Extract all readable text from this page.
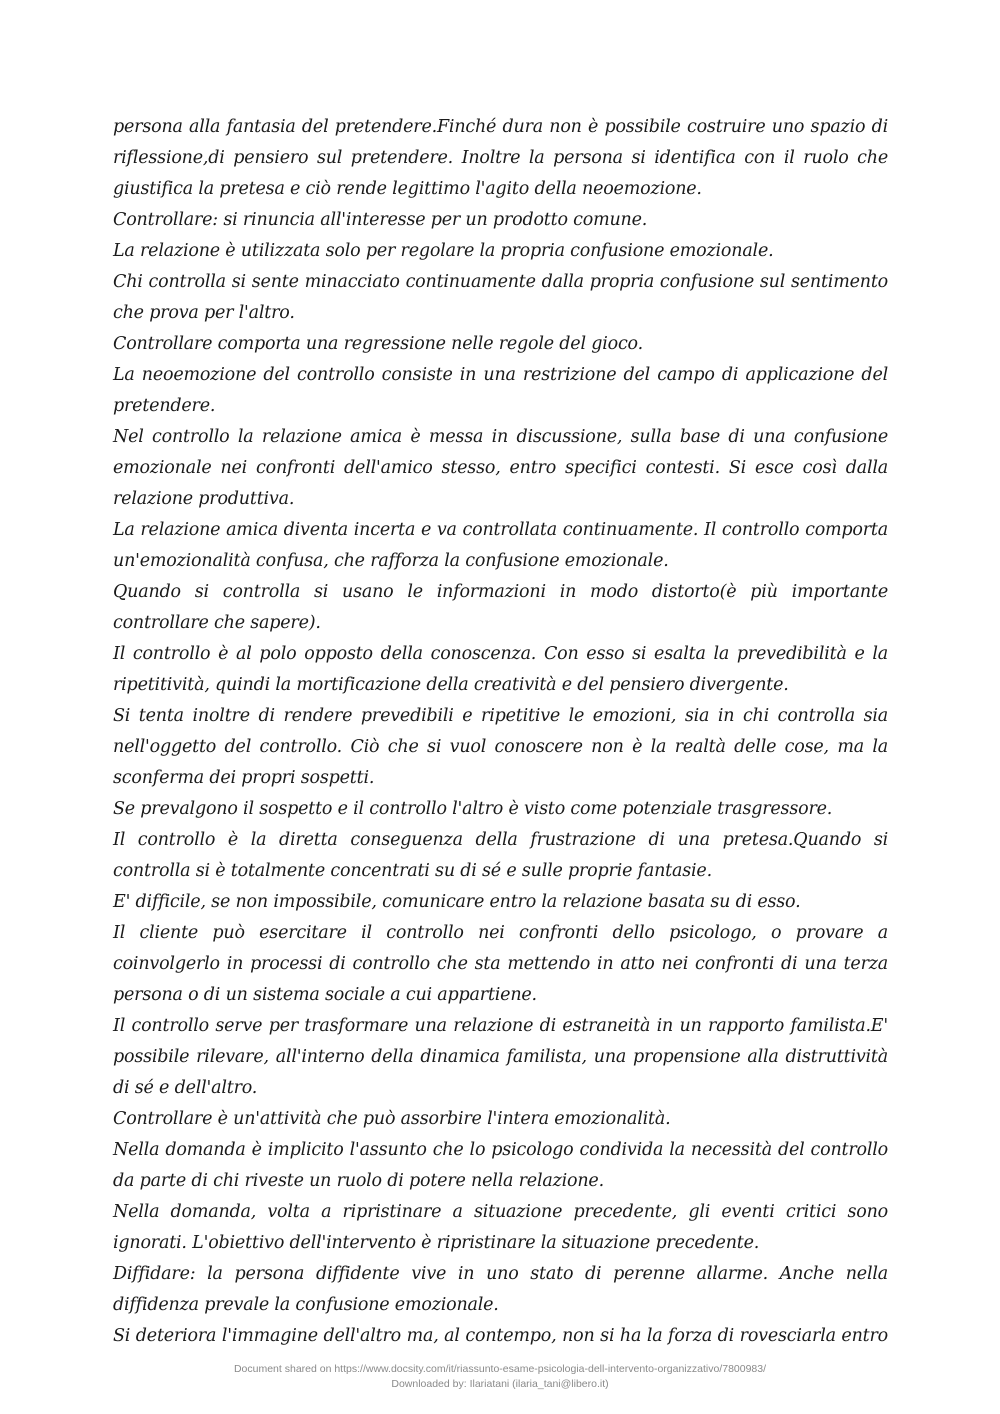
persona alla fantasia del pretendere.Finché dura non è possibile costruire uno spazio di riflessione,di pensiero sul pretendere. Inoltre la persona si identifica con il ruolo che giustifica la pretesa e ciò rende legittimo l'agito della neoemozione.

Controllare: si rinuncia all'interesse per un prodotto comune.

La relazione è utilizzata solo per regolare la propria confusione emozionale.

Chi controlla si sente minacciato continuamente dalla propria confusione sul sentimento che prova per l'altro.

Controllare comporta una regressione nelle regole del gioco.

La neoemozione del controllo consiste in una restrizione del campo di applicazione del pretendere.

Nel controllo la relazione amica è messa in discussione, sulla base di una confusione emozionale nei confronti dell'amico stesso, entro specifici contesti. Si esce così dalla relazione produttiva.

La relazione amica diventa incerta e va controllata continuamente. Il controllo comporta un'emozionalità confusa, che rafforza la confusione emozionale.

Quando si controlla si usano le informazioni in modo distorto(è più importante controllare che sapere).

Il controllo è al polo opposto della conoscenza. Con esso si esalta la prevedibilità e la ripetitività, quindi la mortificazione della creatività e del pensiero divergente.

Si tenta inoltre di rendere prevedibili e ripetitive le emozioni, sia in chi controlla sia nell'oggetto del controllo. Ciò che si vuol conoscere non è la realtà delle cose, ma la sconferma dei propri sospetti.

Se prevalgono il sospetto e il controllo l'altro è visto come potenziale trasgressore.

Il controllo è la diretta conseguenza della frustrazione di una pretesa.Quando si controlla si è totalmente concentrati su di sé e sulle proprie fantasie.

E' difficile, se non impossibile, comunicare entro la relazione basata su di esso.

Il cliente può esercitare il controllo nei confronti dello psicologo, o provare a coinvolgerlo in processi di controllo che sta mettendo in atto nei confronti di una terza persona o di un sistema sociale a cui appartiene.

Il controllo serve per trasformare una relazione di estraneità in un rapporto familista.E' possibile rilevare, all'interno della dinamica familista, una propensione alla distruttività di sé e dell'altro.

Controllare è un'attività che può assorbire l'intera emozionalità.

Nella domanda è implicito l'assunto che lo psicologo condivida la necessità del controllo da parte di chi riveste un ruolo di potere nella relazione.

Nella domanda, volta a ripristinare a situazione precedente, gli eventi critici sono ignorati. L'obiettivo dell'intervento è ripristinare la situazione precedente.

Diffidare: la persona diffidente vive in uno stato di perenne allarme. Anche nella diffidenza prevale la confusione emozionale.

Si deteriora l'immagine dell'altro ma, al contempo, non si ha la forza di rovesciarla entro

Document shared on https://www.docsity.com/it/riassunto-esame-psicologia-dell-intervento-organizzativo/7800983/
Downloaded by: Ilariatani (ilaria_tani@libero.it)
